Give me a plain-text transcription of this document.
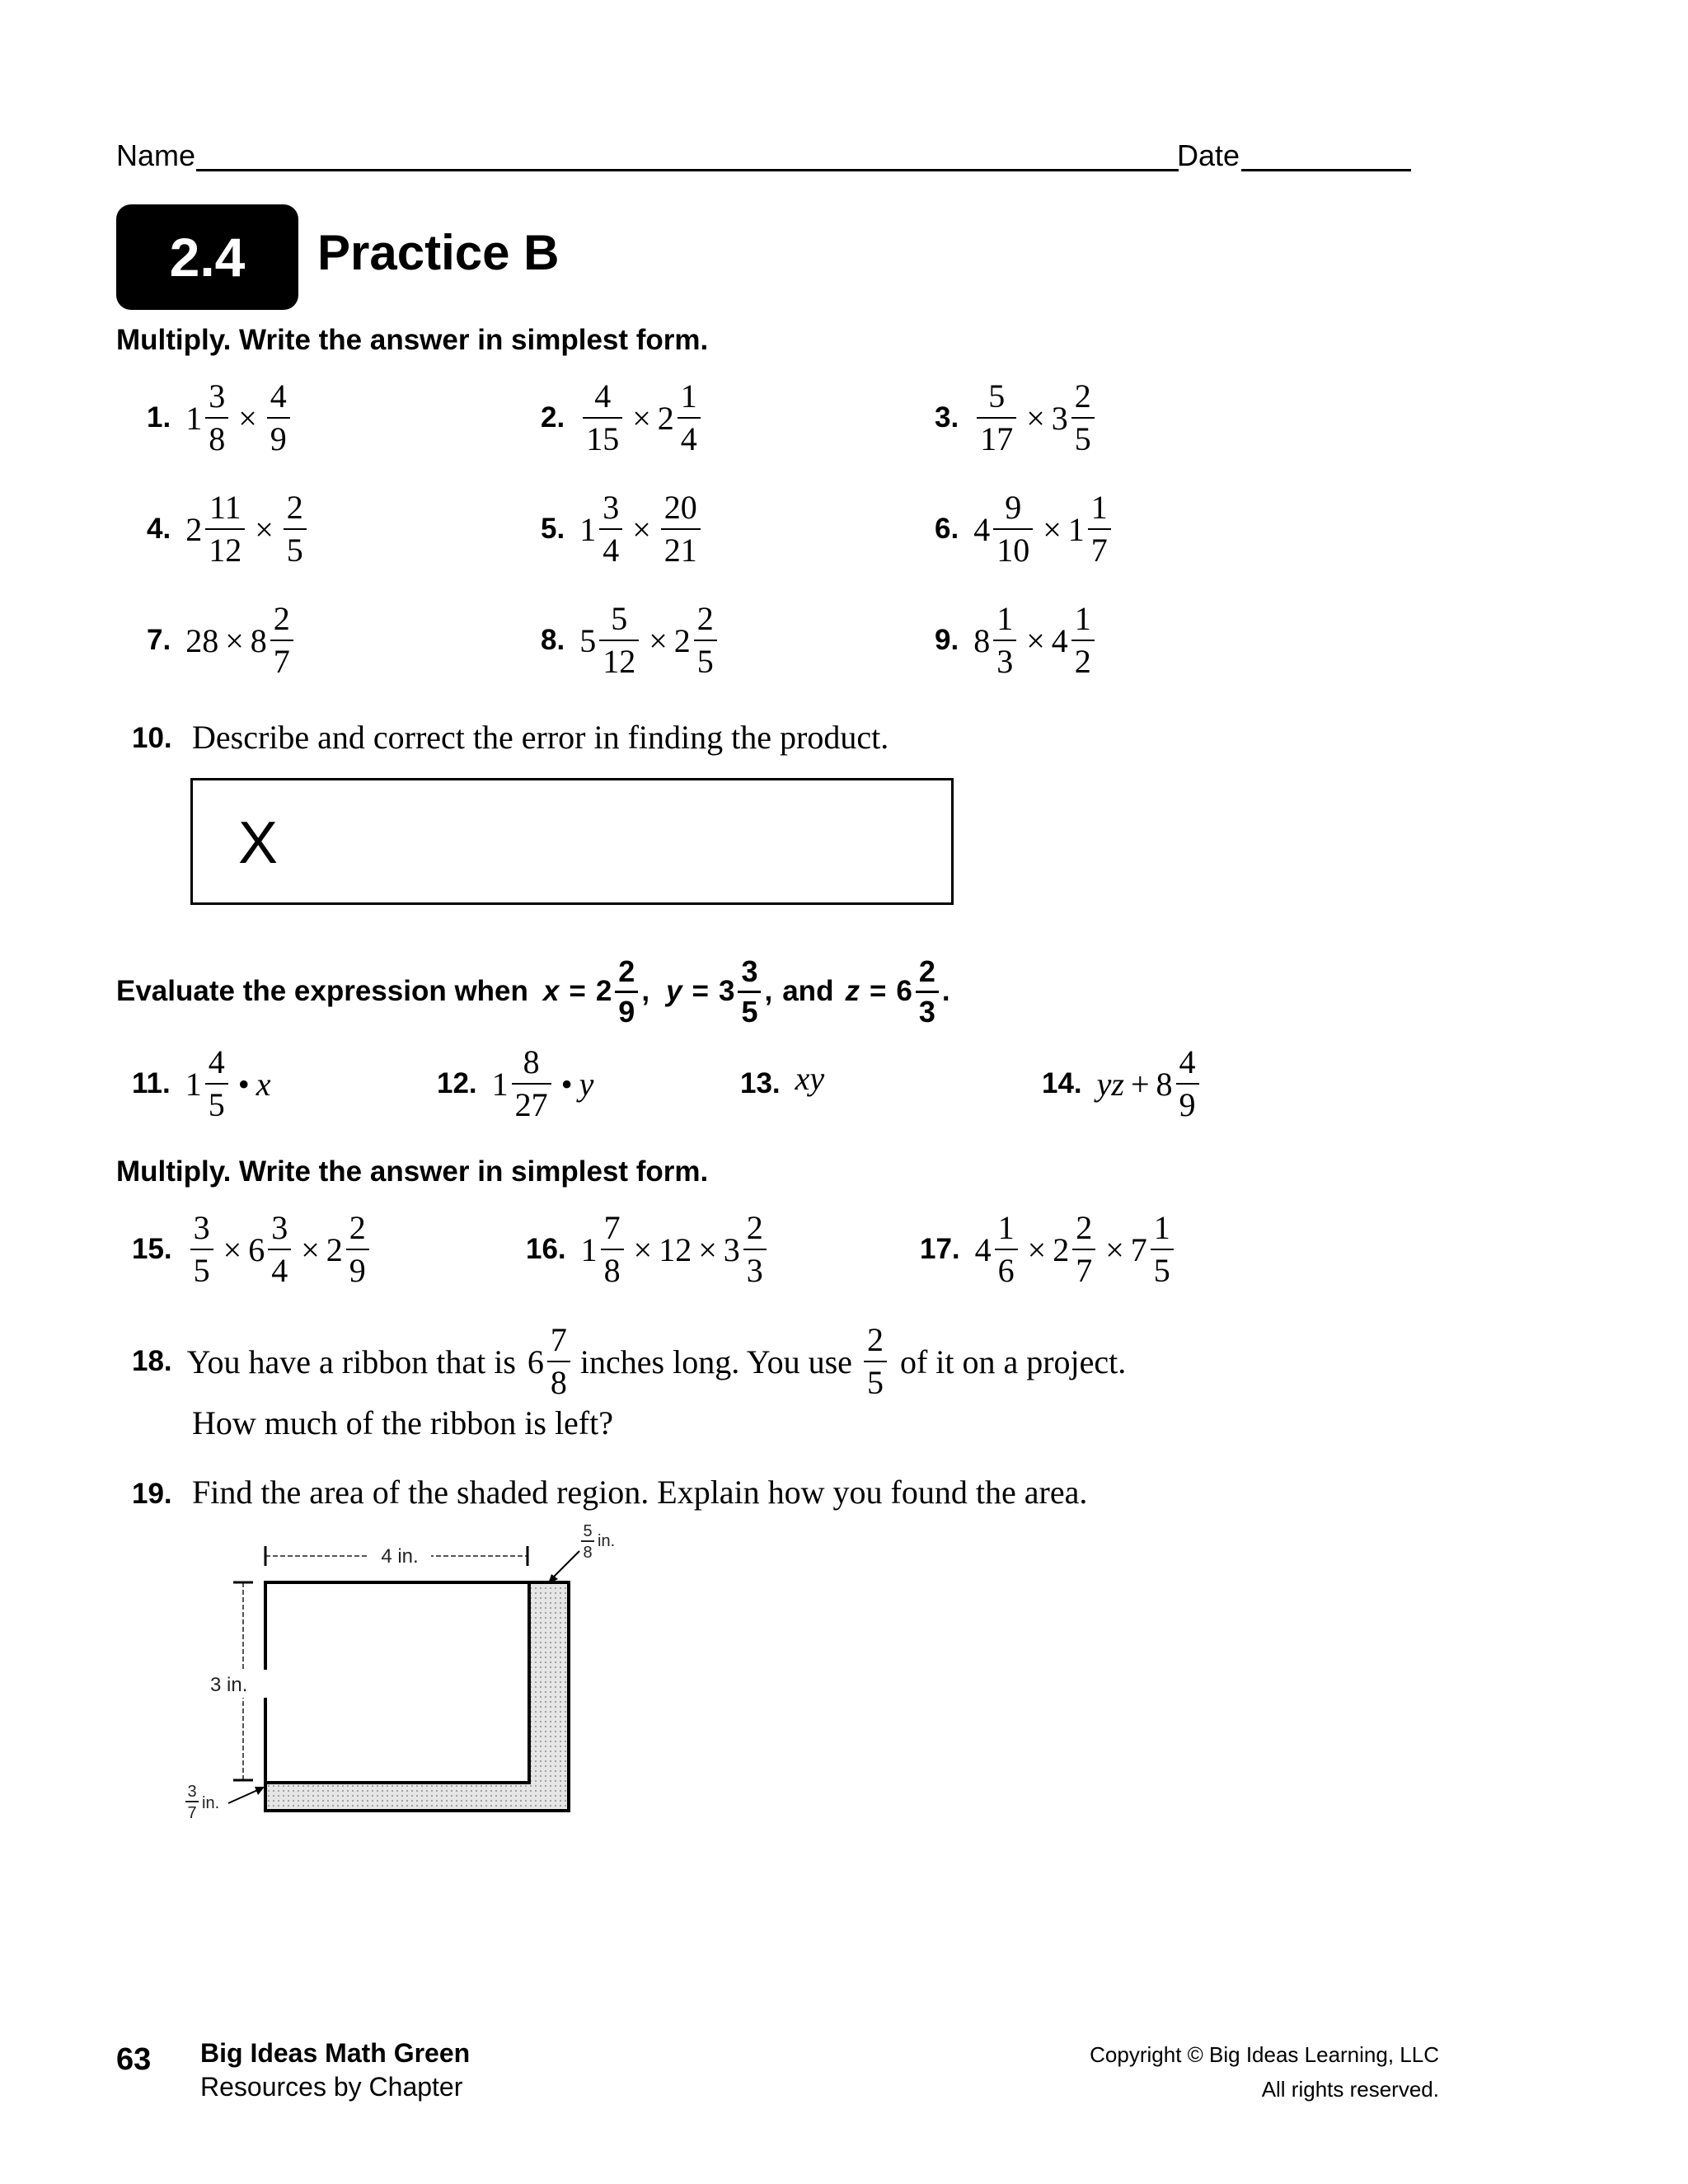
Name	Date
2.4 Practice B
Multiply. Write the answer in simplest form.
1. $1 \frac{3}{8} \times \frac{4}{9}$	2. $\frac{4}{15} \times 2 \frac{1}{4}$	3. $\frac{5}{17} \times 3 \frac{2}{5}$
4. $2 \frac{11}{12} \times \frac{2}{5}$	5. $1 \frac{3}{4} \times \frac{20}{21}$	6. $4 \frac{9}{10} \times 1 \frac{1}{7}$
7. $28 \times 8 \frac{2}{7}$	8. $5 \frac{5}{12} \times 2 \frac{2}{5}$	9. $8 \frac{1}{3} \times 4 \frac{1}{2}$
10. Describe and correct the error in finding the product.
X
Evaluate the expression when $x = 2 \frac{2}{9}$ , $y = 3 \frac{3}{5}$ , and $z = 6 \frac{2}{3}$ .
11. $1 \frac{4}{5}$ • x	12. $1 \frac{8}{27}$ • y	13. xy	14. yz + $8 \frac{4}{9}$
Multiply. Write the answer in simplest form.
15. $\frac{3}{5} \times 6 \frac{3}{4} \times 2 \frac{2}{9}$	16. $1 \frac{7}{8} \times 12 \times 3 \frac{2}{3}$	17. $4 \frac{1}{6} \times 2 \frac{2}{7} \times 7 \frac{1}{5}$
18. You have a ribbon that is $6 \frac{7}{8}$ inches long. You use $\frac{2}{5}$ of it on a project.
How much of the ribbon is left?
19. Find the area of the shaded region. Explain how you found the area.
4 in.
3 in.
5
8
in.
3
7
in.
63 Big Ideas Math Green
Resources by Chapter
Copyright © Big Ideas Learning, LLC
All rights reserved.
